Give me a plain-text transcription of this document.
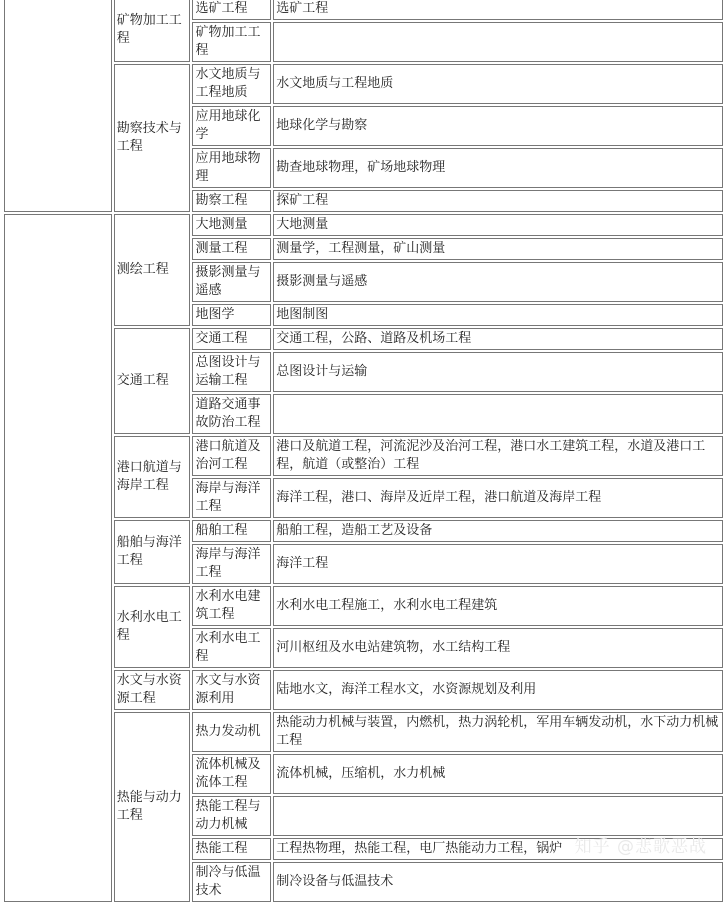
	矿物加工工程	选矿工程	选矿工程
		矿物加工工程	
	勘察技术与工程	水文地质与工程地质	水文地质与工程地质
		应用地球化学	地球化学与勘察
		应用地球物理	勘查地球物理，矿场地球物理
		勘察工程	探矿工程
	测绘工程	大地测量	大地测量
		测量工程	测量学，工程测量，矿山测量
		摄影测量与遥感	摄影测量与遥感
		地图学	地图制图
	交通工程	交通工程	交通工程，公路、道路及机场工程
		总图设计与运输工程	总图设计与运输
		道路交通事故防治工程	
	港口航道与海岸工程	港口航道及治河工程	港口及航道工程，河流泥沙及治河工程，港口水工建筑工程，水道及港口工程，航道（或整治）工程
		海岸与海洋工程	海洋工程，港口、海岸及近岸工程，港口航道及海岸工程
	船舶与海洋工程	船舶工程	船舶工程，造船工艺及设备
		海岸与海洋工程	海洋工程
	水利水电工程	水利水电建筑工程	水利水电工程施工，水利水电工程建筑
		水利水电工程	河川枢纽及水电站建筑物，水工结构工程
	水文与水资源工程	水文与水资源利用	陆地水文，海洋工程水文，水资源规划及利用
	热能与动力工程	热力发动机	热能动力机械与装置，内燃机，热力涡轮机，军用车辆发动机，水下动力机械工程
		流体机械及流体工程	流体机械，压缩机，水力机械
		热能工程与动力机械	
		热能工程	工程热物理，热能工程，电厂热能动力工程，锅炉
		制冷与低温技术	制冷设备与低温技术
知乎 @悲歌恶战
